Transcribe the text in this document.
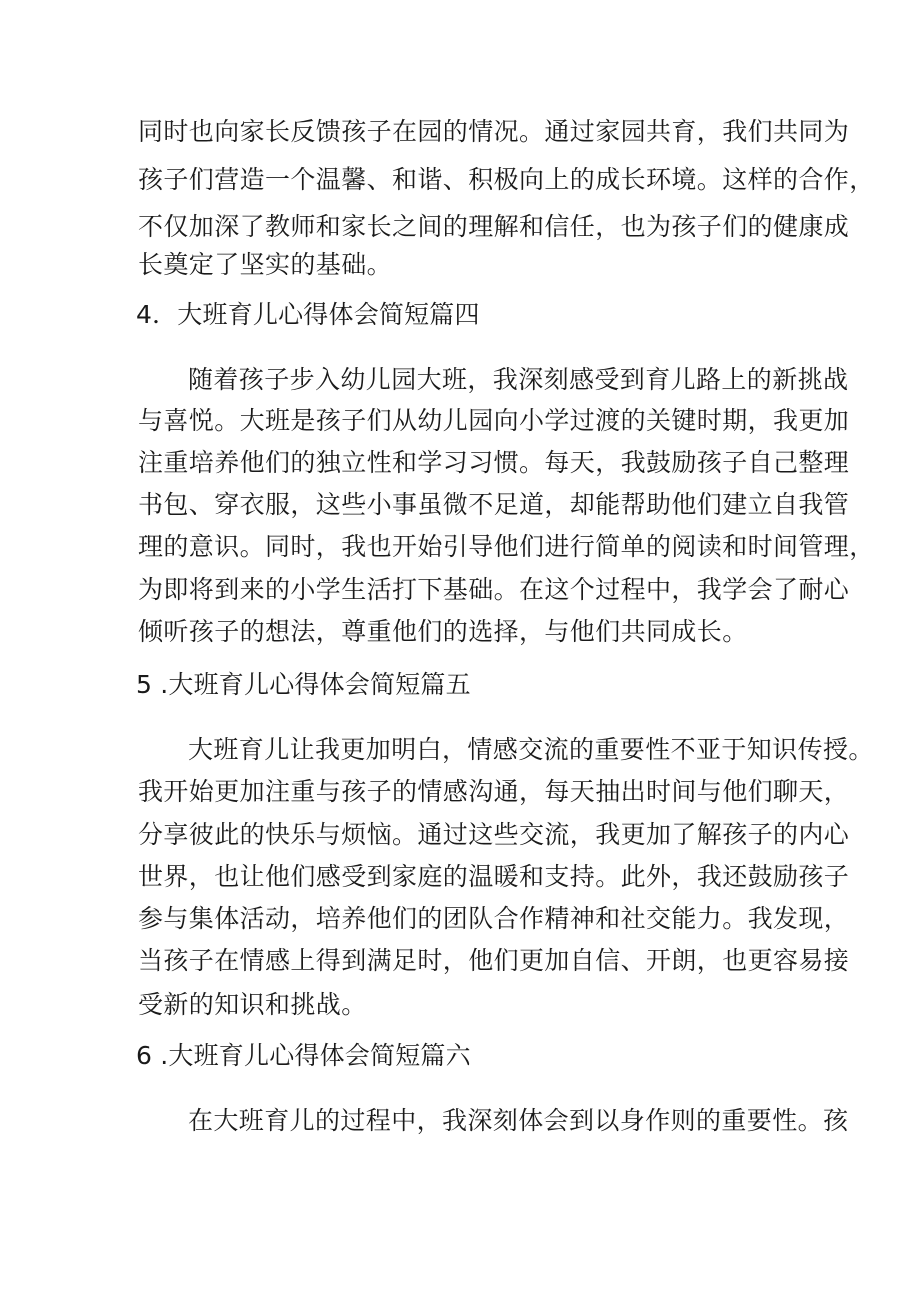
同时也向家长反馈孩子在园的情况。通过家园共育，我们共同为
孩子们营造一个温馨、和谐、积极向上的成长环境。这样的合作，
不仅加深了教师和家长之间的理解和信任，也为孩子们的健康成
长奠定了坚实的基础。
4．大班育儿心得体会简短篇四
随着孩子步入幼儿园大班，我深刻感受到育儿路上的新挑战
与喜悦。大班是孩子们从幼儿园向小学过渡的关键时期，我更加
注重培养他们的独立性和学习习惯。每天，我鼓励孩子自己整理
书包、穿衣服，这些小事虽微不足道，却能帮助他们建立自我管
理的意识。同时，我也开始引导他们进行简单的阅读和时间管理，
为即将到来的小学生活打下基础。在这个过程中，我学会了耐心
倾听孩子的想法，尊重他们的选择，与他们共同成长。
5 .大班育儿心得体会简短篇五
大班育儿让我更加明白，情感交流的重要性不亚于知识传授。
我开始更加注重与孩子的情感沟通，每天抽出时间与他们聊天，
分享彼此的快乐与烦恼。通过这些交流，我更加了解孩子的内心
世界，也让他们感受到家庭的温暖和支持。此外，我还鼓励孩子
参与集体活动，培养他们的团队合作精神和社交能力。我发现，
当孩子在情感上得到满足时，他们更加自信、开朗，也更容易接
受新的知识和挑战。
6 .大班育儿心得体会简短篇六
在大班育儿的过程中，我深刻体会到以身作则的重要性。孩
